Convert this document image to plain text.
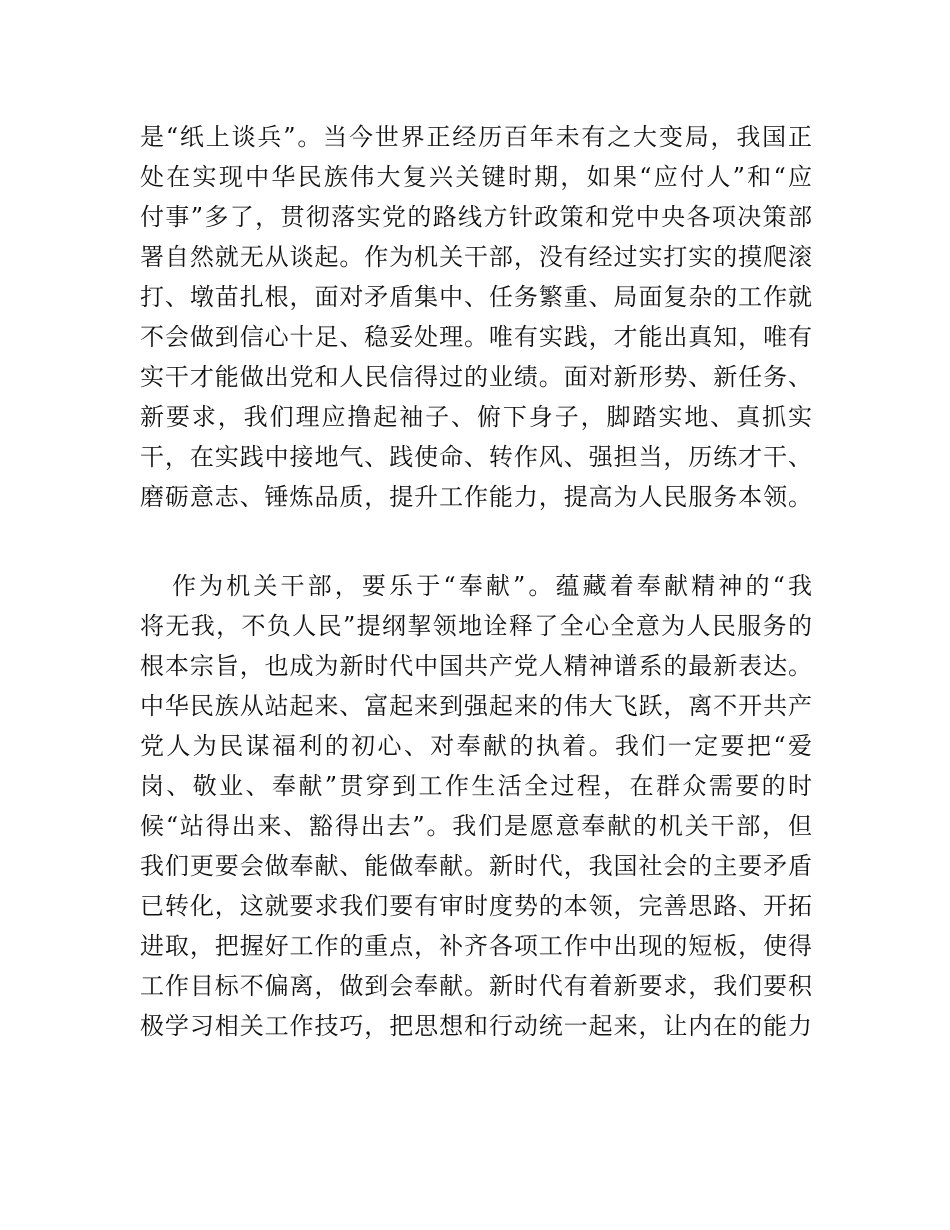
是“纸上谈兵”。当今世界正经历百年未有之大变局，我国正
处在实现中华民族伟大复兴关键时期，如果“应付人”和“应
付事”多了，贯彻落实党的路线方针政策和党中央各项决策部
署自然就无从谈起。作为机关干部，没有经过实打实的摸爬滚
打、墩苗扎根，面对矛盾集中、任务繁重、局面复杂的工作就
不会做到信心十足、稳妥处理。唯有实践，才能出真知，唯有
实干才能做出党和人民信得过的业绩。面对新形势、新任务、
新要求，我们理应撸起袖子、俯下身子，脚踏实地、真抓实
干，在实践中接地气、践使命、转作风、强担当，历练才干、
磨砺意志、锤炼品质，提升工作能力，提高为人民服务本领。
作为机关干部，要乐于“奉献”。蕴藏着奉献精神的“我
将无我，不负人民”提纲挈领地诠释了全心全意为人民服务的
根本宗旨，也成为新时代中国共产党人精神谱系的最新表达。
中华民族从站起来、富起来到强起来的伟大飞跃，离不开共产
党人为民谋福利的初心、对奉献的执着。我们一定要把“爱
岗、敬业、奉献”贯穿到工作生活全过程，在群众需要的时
候“站得出来、豁得出去”。我们是愿意奉献的机关干部，但
我们更要会做奉献、能做奉献。新时代，我国社会的主要矛盾
已转化，这就要求我们要有审时度势的本领，完善思路、开拓
进取，把握好工作的重点，补齐各项工作中出现的短板，使得
工作目标不偏离，做到会奉献。新时代有着新要求，我们要积
极学习相关工作技巧，把思想和行动统一起来，让内在的能力
